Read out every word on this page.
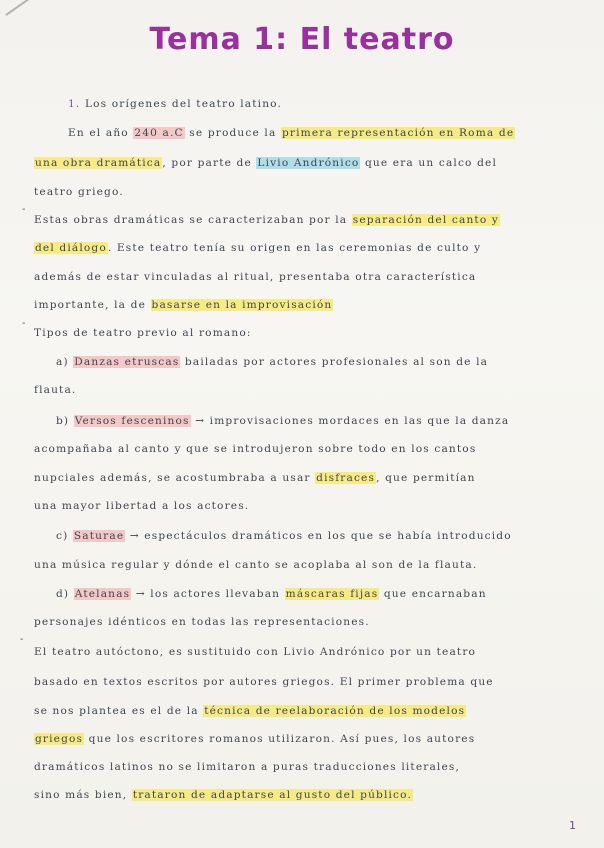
Tema 1: El teatro
1. Los orígenes del teatro latino.
En el año 240 a.C se produce la primera representación en Roma de
una obra dramática, por parte de Livio Andrónico que era un calco del
teatro griego.
-
Estas obras dramáticas se caracterizaban por la separación del canto y
del diálogo. Este teatro tenía su origen en las ceremonias de culto y
además de estar vinculadas al ritual, presentaba otra característica
importante, la de basarse en la improvisación
-
Tipos de teatro previo al romano:
a) Danzas etruscas bailadas por actores profesionales al son de la
flauta.
b) Versos fesceninos → improvisaciones mordaces en las que la danza
acompañaba al canto y que se introdujeron sobre todo en los cantos
nupciales además, se acostumbraba a usar disfraces, que permitían
una mayor libertad a los actores.
c) Saturae → espectáculos dramáticos en los que se había introducido
una música regular y dónde el canto se acoplaba al son de la flauta.
d) Atelanas → los actores llevaban máscaras fijas que encarnaban
personajes idénticos en todas las representaciones.
-
El teatro autóctono, es sustituido con Livio Andrónico por un teatro
basado en textos escritos por autores griegos. El primer problema que
se nos plantea es el de la técnica de reelaboración de los modelos
griegos que los escritores romanos utilizaron. Así pues, los autores
dramáticos latinos no se limitaron a puras traducciones literales,
sino más bien, trataron de adaptarse al gusto del público.
1
